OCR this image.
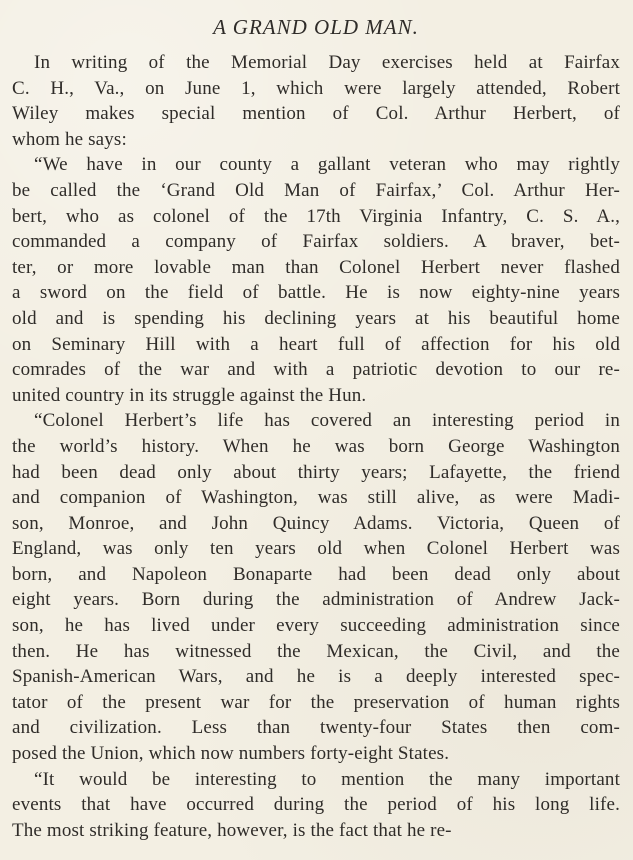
A GRAND OLD MAN.

In writing of the Memorial Day exercises held at Fairfax
C. H., Va., on June 1, which were largely attended, Robert
Wiley makes special mention of Col. Arthur Herbert, of
whom he says:

“We have in our county a gallant veteran who may rightly
be called the ‘Grand Old Man of Fairfax,’ Col. Arthur Her-
bert, who as colonel of the 17th Virginia Infantry, C. S. A.,
commanded a company of Fairfax soldiers. A braver, bet-
ter, or more lovable man than Colonel Herbert never flashed
a sword on the field of battle. He is now eighty-nine years
old and is spending his declining years at his beautiful home
on Seminary Hill with a heart full of affection for his old
comrades of the war and with a patriotic devotion to our re-
united country in its struggle against the Hun.

“Colonel Herbert’s life has covered an interesting period in
the world’s history. When he was born George Washington
had been dead only about thirty years; Lafayette, the friend
and companion of Washington, was still alive, as were Madi-
son, Monroe, and John Quincy Adams. Victoria, Queen of
England, was only ten years old when Colonel Herbert was
born, and Napoleon Bonaparte had been dead only about
eight years. Born during the administration of Andrew Jack-
son, he has lived under every succeeding administration since
then. He has witnessed the Mexican, the Civil, and the
Spanish-American Wars, and he is a deeply interested spec-
tator of the present war for the preservation of human rights
and civilization. Less than twenty-four States then com-
posed the Union, which now numbers forty-eight States.

“It would be interesting to mention the many important
events that have occurred during the period of his long life.
The most striking feature, however, is the fact that he re-
